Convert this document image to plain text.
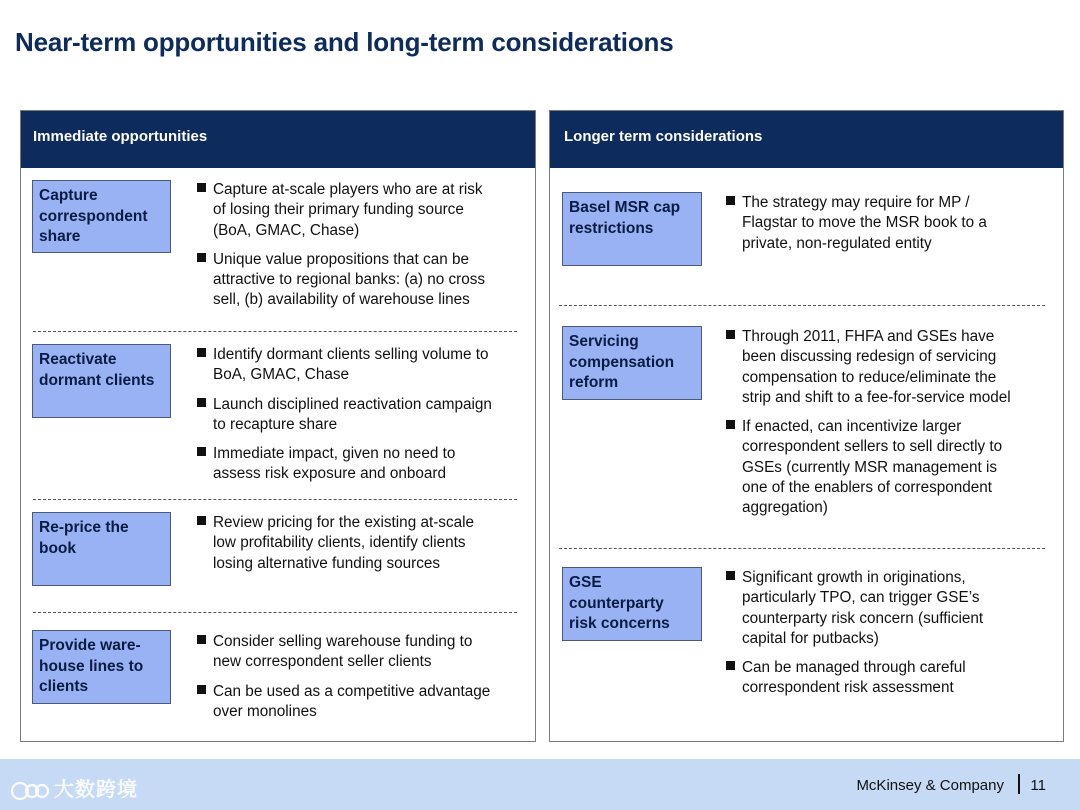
Near-term opportunities and long-term considerations
Immediate opportunities
Capture
correspondent
share
Capture at-scale players who are at risk
of losing their primary funding source
(BoA, GMAC, Chase)
Unique value propositions that can be
attractive to regional banks: (a) no cross
sell, (b) availability of warehouse lines
Reactivate
dormant clients
Identify dormant clients selling volume to
BoA, GMAC, Chase
Launch disciplined reactivation campaign
to recapture share
Immediate impact, given no need to
assess risk exposure and onboard
Re-price the
book
Review pricing for the existing at-scale
low profitability clients, identify clients
losing alternative funding sources
Provide ware-
house lines to
clients
Consider selling warehouse funding to
new correspondent seller clients
Can be used as a competitive advantage
over monolines
Longer term considerations
Basel MSR cap
restrictions
The strategy may require for MP /
Flagstar to move the MSR book to a
private, non-regulated entity
Servicing
compensation
reform
Through 2011, FHFA and GSEs have
been discussing redesign of servicing
compensation to reduce/eliminate the
strip and shift to a fee-for-service model
If enacted, can incentivize larger
correspondent sellers to sell directly to
GSEs (currently MSR management is
one of the enablers of correspondent
aggregation)
GSE
counterparty
risk concerns
Significant growth in originations,
particularly TPO, can trigger GSE’s
counterparty risk concern (sufficient
capital for putbacks)
Can be managed through careful
correspondent risk assessment
大数跨境	McKinsey & Company 11
